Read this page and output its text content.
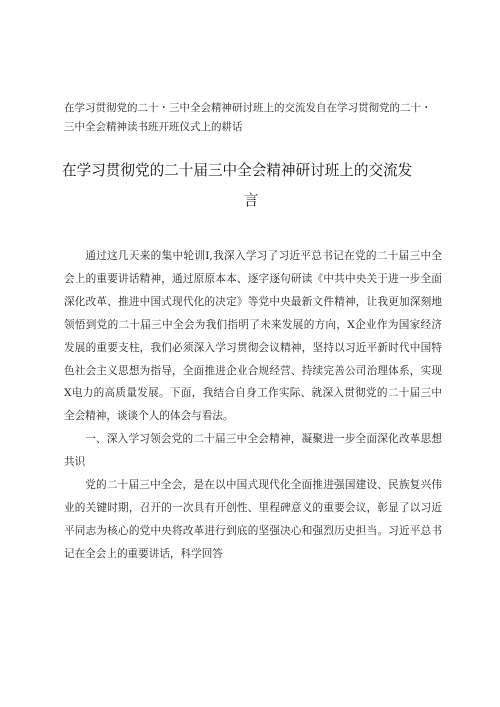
在学习贯彻党的二十・三中全会精神研讨班上的交流发自在学习贯彻党的二十・三中全会精神读书班开班仪式上的耕话
在学习贯彻党的二十届三中全会精神研讨班上的交流发
言

通过这几天来的集中轮训I,我深入学习了习近平总书记在党的二十届三中全会上的重要讲话精神，通过原原本本、逐字逐句研读《中共中央关于进一步全面深化改革、推进中国式现代化的决定》等党中央最新文件精神，让我更加深刻地领悟到党的二十届三中全会为我们指明了未来发展的方向，X企业作为国家经济发展的重要支柱，我们必须深入学习贯彻会议精神，坚持以习近平新时代中国特色社会主义思想为指导，全面推进企业合规经营、持续完善公司治理体系，实现X电力的高质量发展。下面，我结合自身工作实际、就深入贯彻党的二十届三中全会精神，谈谈个人的体会与看法。

一、深入学习领会党的二十届三中全会精神，凝聚进一步全面深化改革思想共识

党的二十届三中全会，是在以中国式现代化全面推进强国建设、民族复兴伟业的关键时期，召开的一次具有开创性、里程碑意义的重要会议，彰显了以习近平同志为核心的党中央将改革进行到底的坚强决心和强烈历史担当。习近平总书记在全会上的重要讲话，科学回答
